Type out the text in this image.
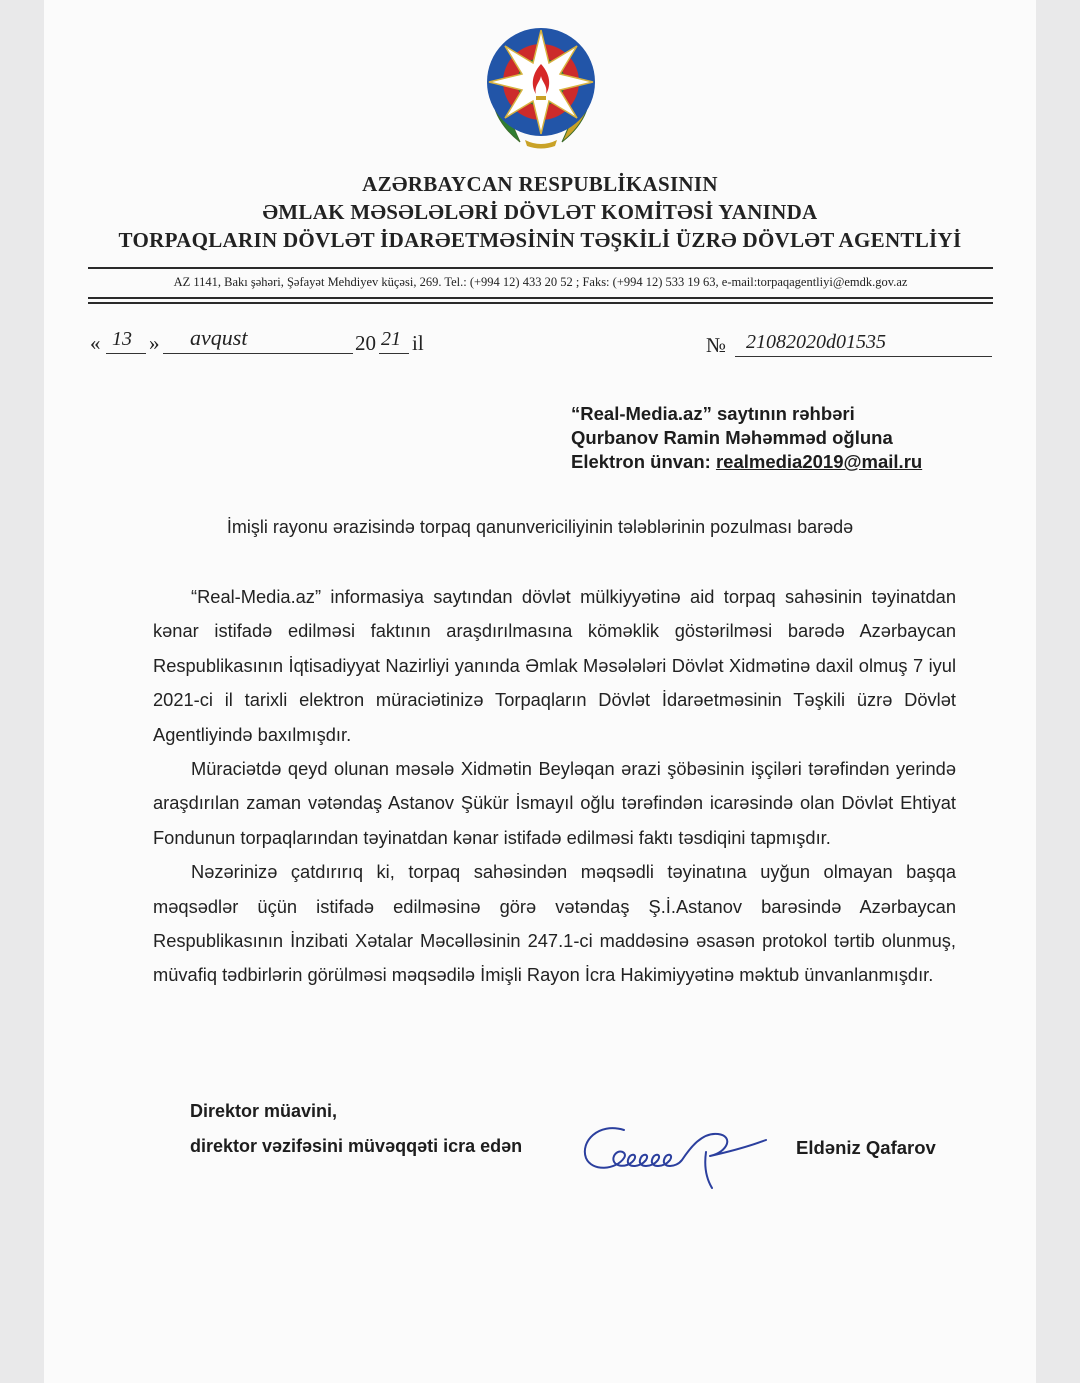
AZƏRBAYCAN RESPUBLİKASININ
ƏMLAK MƏSƏLƏLƏRİ DÖVLƏT KOMİTƏSİ YANINDA
TORPAQLARIN DÖVLƏT İDARƏETMƏSİNİN TƏŞKİLİ ÜZRƏ DÖVLƏT AGENTLİYİ
AZ 1141, Bakı şəhəri, Şəfayət Mehdiyev küçəsi, 269. Tel.: (+994 12) 433 20 52 ; Faks: (+994 12) 533 19 63, e-mail:torpaqagentliyi@emdk.gov.az
« 13 » avqust	20 21 il	№ 21082020d01535
“Real-Media.az” saytının rəhbəri
Qurbanov Ramin Məhəmməd oğluna
Elektron ünvan: realmedia2019@mail.ru
İmişli rayonu ərazisində torpaq qanunvericiliyinin tələblərinin pozulması barədə

“Real-Media.az” informasiya saytından dövlət mülkiyyətinə aid torpaq sahəsinin təyinatdan kənar istifadə edilməsi faktının araşdırılmasına köməklik göstərilməsi barədə Azərbaycan Respublikasının İqtisadiyyat Nazirliyi yanında Əmlak Məsələləri Dövlət Xidmətinə daxil olmuş 7 iyul 2021-ci il tarixli elektron müraciətinizə Torpaqların Dövlət İdarəetməsinin Təşkili üzrə Dövlət Agentliyində baxılmışdır.

Müraciətdə qeyd olunan məsələ Xidmətin Beyləqan ərazi şöbəsinin işçiləri tərəfindən yerində araşdırılan zaman vətəndaş Astanov Şükür İsmayıl oğlu tərəfindən icarəsində olan Dövlət Ehtiyat Fondunun torpaqlarından təyinatdan kənar istifadə edilməsi faktı təsdiqini tapmışdır.

Nəzərinizə çatdırırıq ki, torpaq sahəsindən məqsədli təyinatına uyğun olmayan başqa məqsədlər üçün istifadə edilməsinə görə vətəndaş Ş.İ.Astanov barəsində Azərbaycan Respublikasının İnzibati Xətalar Məcəlləsinin 247.1-ci maddəsinə əsasən protokol tərtib olunmuş, müvafiq tədbirlərin görülməsi məqsədilə İmişli Rayon İcra Hakimiyyətinə məktub ünvanlanmışdır.

Direktor müavini,
direktor vəzifəsini müvəqqəti icra edən	Eldəniz Qafarov
